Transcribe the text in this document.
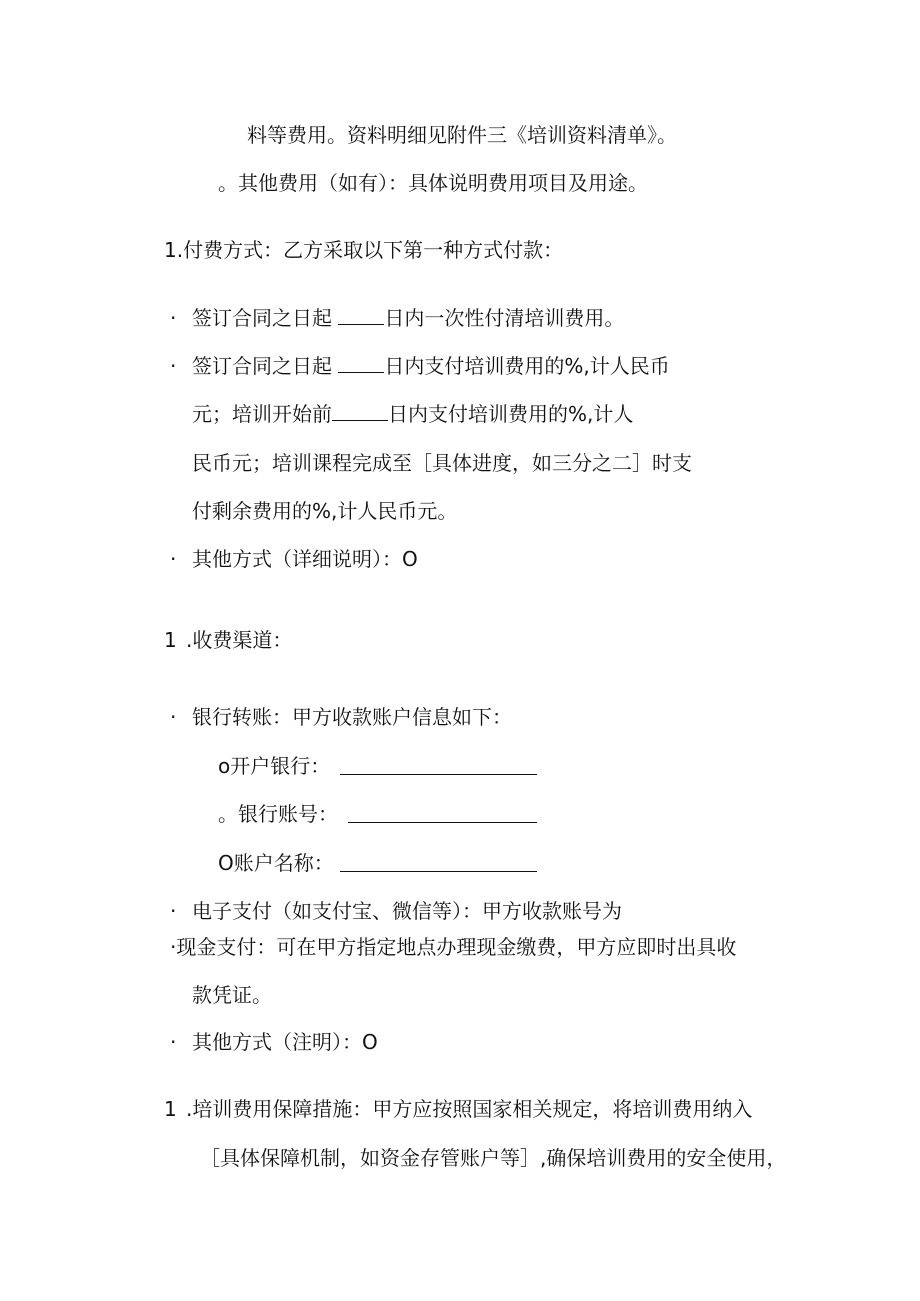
料等费用。资料明细见附件三《培训资料清单》。
。其他费用（如有）：具体说明费用项目及用途。
1.付费方式：乙方采取以下第一种方式付款：
· 签订合同之日起	日内一次性付清培训费用。
· 签订合同之日起	日内支付培训费用的%,计人民币
元；培训开始前	日内支付培训费用的%,计人
民币元；培训课程完成至［具体进度，如三分之二］时支
付剩余费用的%,计人民币元。
· 其他方式（详细说明）：O
1 .收费渠道：
· 银行转账：甲方收款账户信息如下：
o开户银行：
。银行账号：
O账户名称：
· 电子支付（如支付宝、微信等）：甲方收款账号为
·现金支付：可在甲方指定地点办理现金缴费，甲方应即时出具收
款凭证。
· 其他方式（注明）：O
1 .培训费用保障措施：甲方应按照国家相关规定，将培训费用纳入
［具体保障机制，如资金存管账户等］,确保培训费用的安全使用，
